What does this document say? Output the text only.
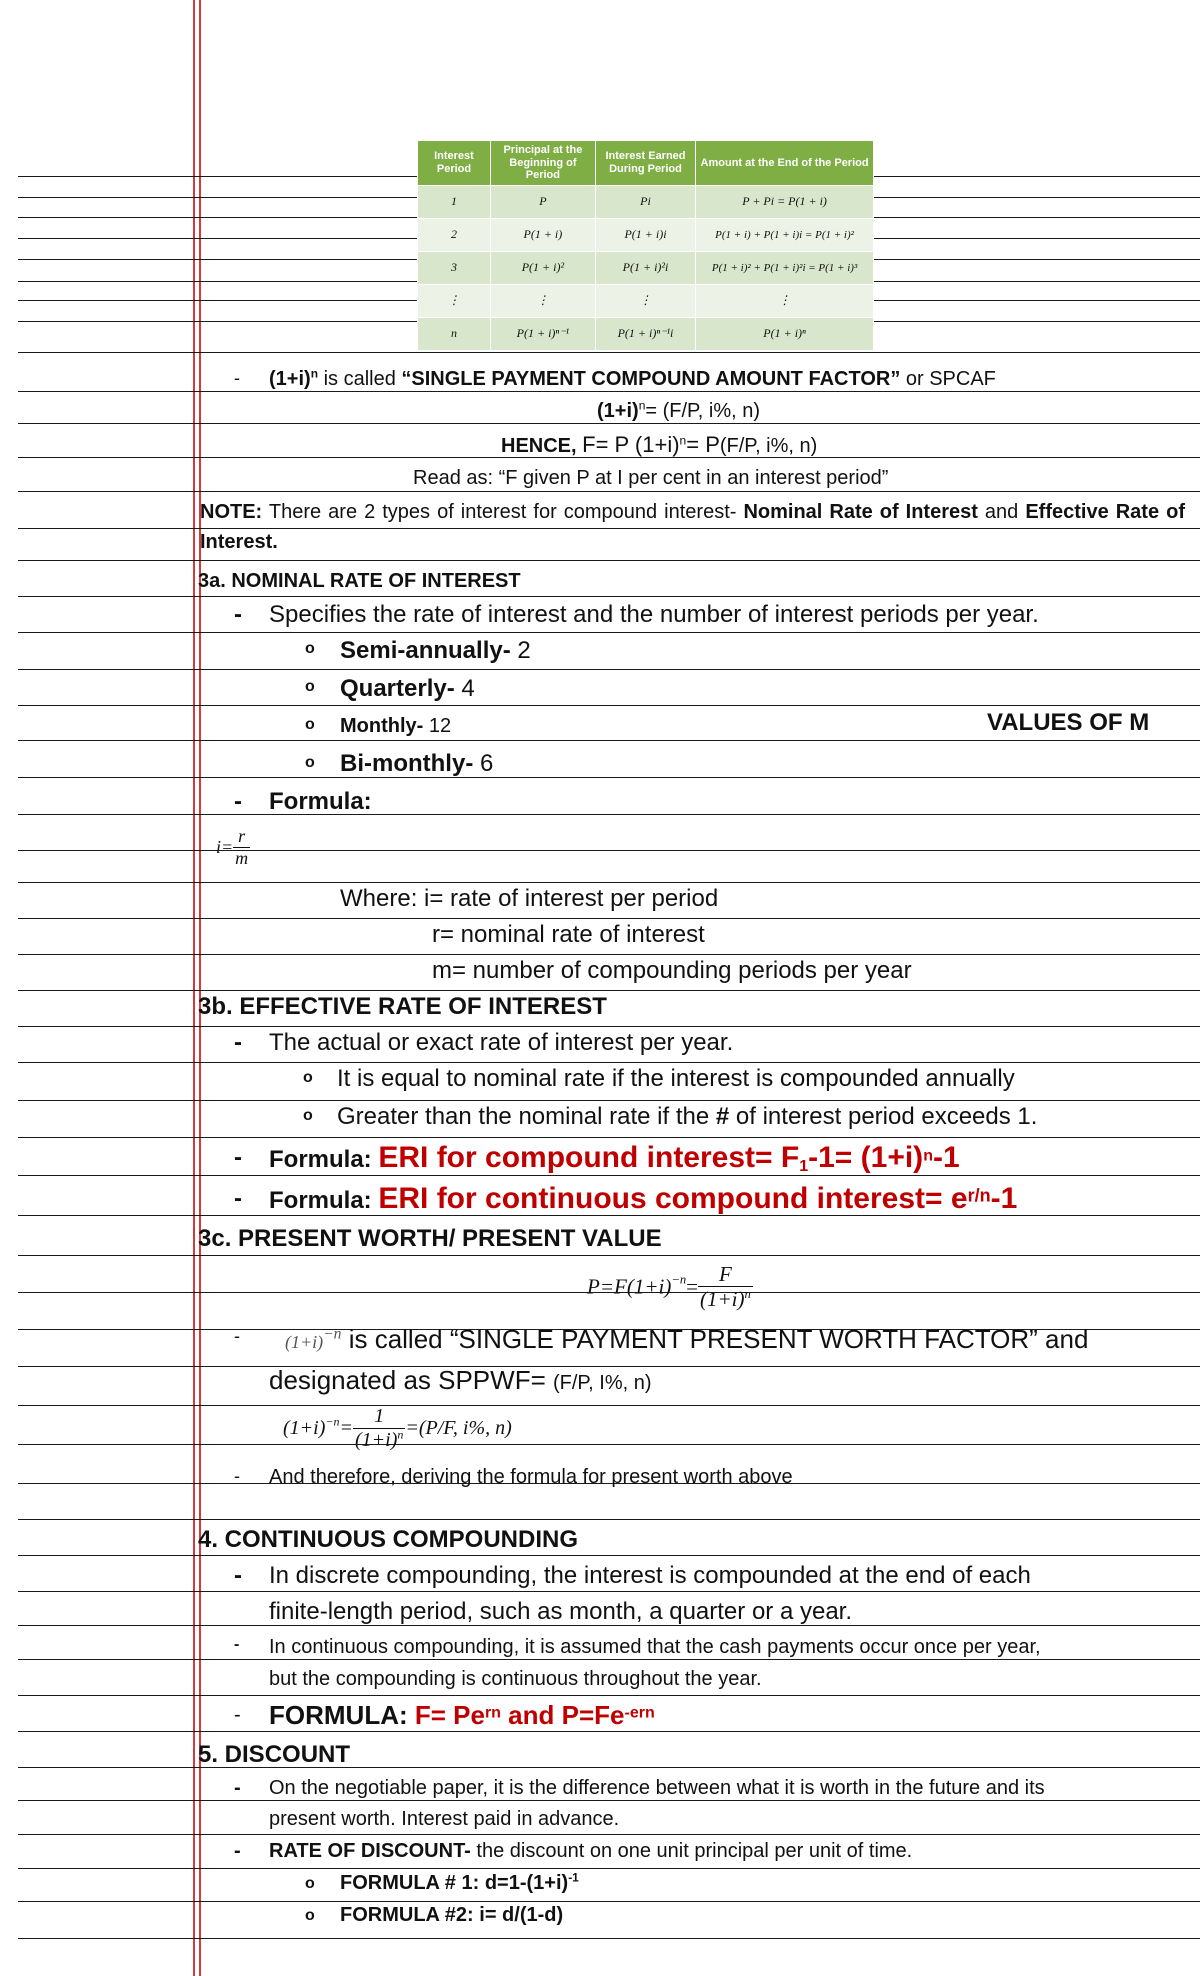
Interest Period	Principal at the Beginning of Period	Interest Earned During Period	Amount at the End of the Period
1	P	Pi	P + Pi = P(1 + i)
2	P(1 + i)	P(1 + i)i	P(1 + i) + P(1 + i)i = P(1 + i)²
3	P(1 + i)²	P(1 + i)²i	P(1 + i)² + P(1 + i)²i = P(1 + i)³
⋮	⋮	⋮	⋮
n	P(1 + i)ⁿ⁻¹	P(1 + i)ⁿ⁻¹i	P(1 + i)ⁿ
- $(1+i)^n$ is called “SINGLE PAYMENT COMPOUND AMOUNT FACTOR” or SPCAF
$(1+i)^n= (F/P$, i%, n)
HENCE, F= P $(1+i)^n= P(F/P$, i%, n)
Read as: “F given P at I per cent in an interest period”
NOTE: There are 2 types of interest for compound interest- Nominal Rate of Interest and Effective Rate of Interest.
3a. NOMINAL RATE OF INTEREST
- Specifies the rate of interest and the number of interest periods per year.
o Semi-annually- 2
o Quarterly- 4
o Monthly- 12	VALUES OF M
o Bi-monthly- 6
- Formula:
$i= \frac{r}{m}$
Where: i= rate of interest per period
r= nominal rate of interest
m= number of compounding periods per year
3b. EFFECTIVE RATE OF INTEREST
- The actual or exact rate of interest per year.
o It is equal to nominal rate if the interest is compounded annually
o Greater than the nominal rate if the # of interest period exceeds 1.
- Formula: ERI for compound interest= $F_1-1= (1+i)^n-1$
- Formula: ERI for continuous compound interest= $e^{r/n}-1$
3c. PRESENT WORTH/ PRESENT VALUE
$P=F(1+i)^{-n}= \frac{F}{(1+i)^n}$
-	$(1+i)^{-n}$ is called “SINGLE PAYMENT PRESENT WORTH FACTOR” and
designated as SPPWF= (F/P, I%, n)
$(1+i)^{-n}= \frac{1}{(1+i)^n} =(P/F$, i%, n)
- And therefore, deriving the formula for present worth above
4. CONTINUOUS COMPOUNDING
- In discrete compounding, the interest is compounded at the end of each
finite-length period, such as month, a quarter or a year.
- In continuous compounding, it is assumed that the cash payments occur once per year,
but the compounding is continuous throughout the year.
- FORMULA: $F= Pe^{rn}$ and $P=Fe^{-ern}$
5. DISCOUNT
- On the negotiable paper, it is the difference between what it is worth in the future and its
present worth. Interest paid in advance.
- RATE OF DISCOUNT- the discount on one unit principal per unit of time.
o FORMULA # 1: $d=1-(1+i)^{-1}$
o FORMULA #2: i= d/(1-d)
